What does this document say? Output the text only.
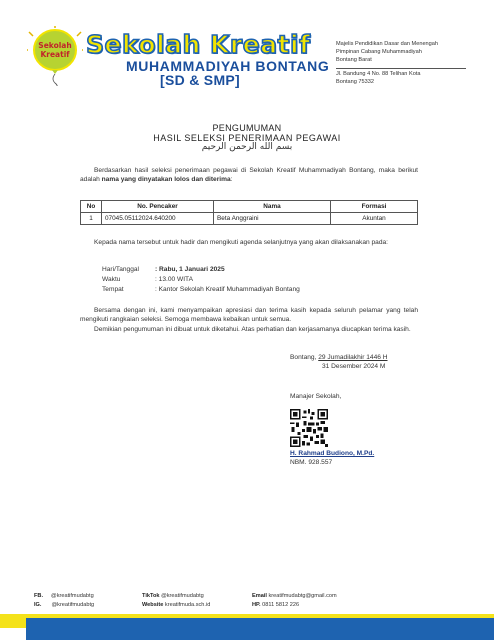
Sekolah
Kreatif Sekolah Kreatif
MUHAMMADIYAH BONTANG
[SD & SMP]
Majelis Pendidikan Dasar dan Menengah
Pimpinan Cabang Muhammadiyah
Bontang Barat
Jl. Bandung 4 No. 88 Telihan Kota
Bontang 75332
PENGUMUMAN
HASIL SELEKSI PENERIMAAN PEGAWAI
بسم الله الرحمن الرحيم
Berdasarkan hasil seleksi penerimaan pegawai di Sekolah Kreatif Muhammadiyah Bontang, maka berikut adalah nama yang dinyatakan lolos dan diterima:
No	No. Pencaker	Nama	Formasi
1	07045.05112024.640200	Beta Anggraini	Akuntan
Kepada nama tersebut untuk hadir dan mengikuti agenda selanjutnya yang akan dilaksanakan pada:
Hari/Tanggal : Rabu, 1 Januari 2025
Waktu	: 13.00 WITA
Tempat	: Kantor Sekolah Kreatif Muhammadiyah Bontang
Bersama dengan ini, kami menyampaikan apresiasi dan terima kasih kepada seluruh pelamar yang telah mengikuti rangkaian seleksi. Semoga membawa kebaikan untuk semua.
Demikian pengumuman ini dibuat untuk diketahui. Atas perhatian dan kerjasamanya diucapkan terima kasih.
Bontang, 29 Jumadilakhir 1446 H
31 Desember 2024 M
Manajer Sekolah,
H. Rahmad Budiono, M.Pd.
NBM. 928.557
FB. @kreatifmudabtg
IG. @kreatifmudabtg
TikTok @kreatifmudabtg
Website kreatifmuda.sch.id
Email kreatifmudabtg@gmail.com
HP. 0811 5812 226
